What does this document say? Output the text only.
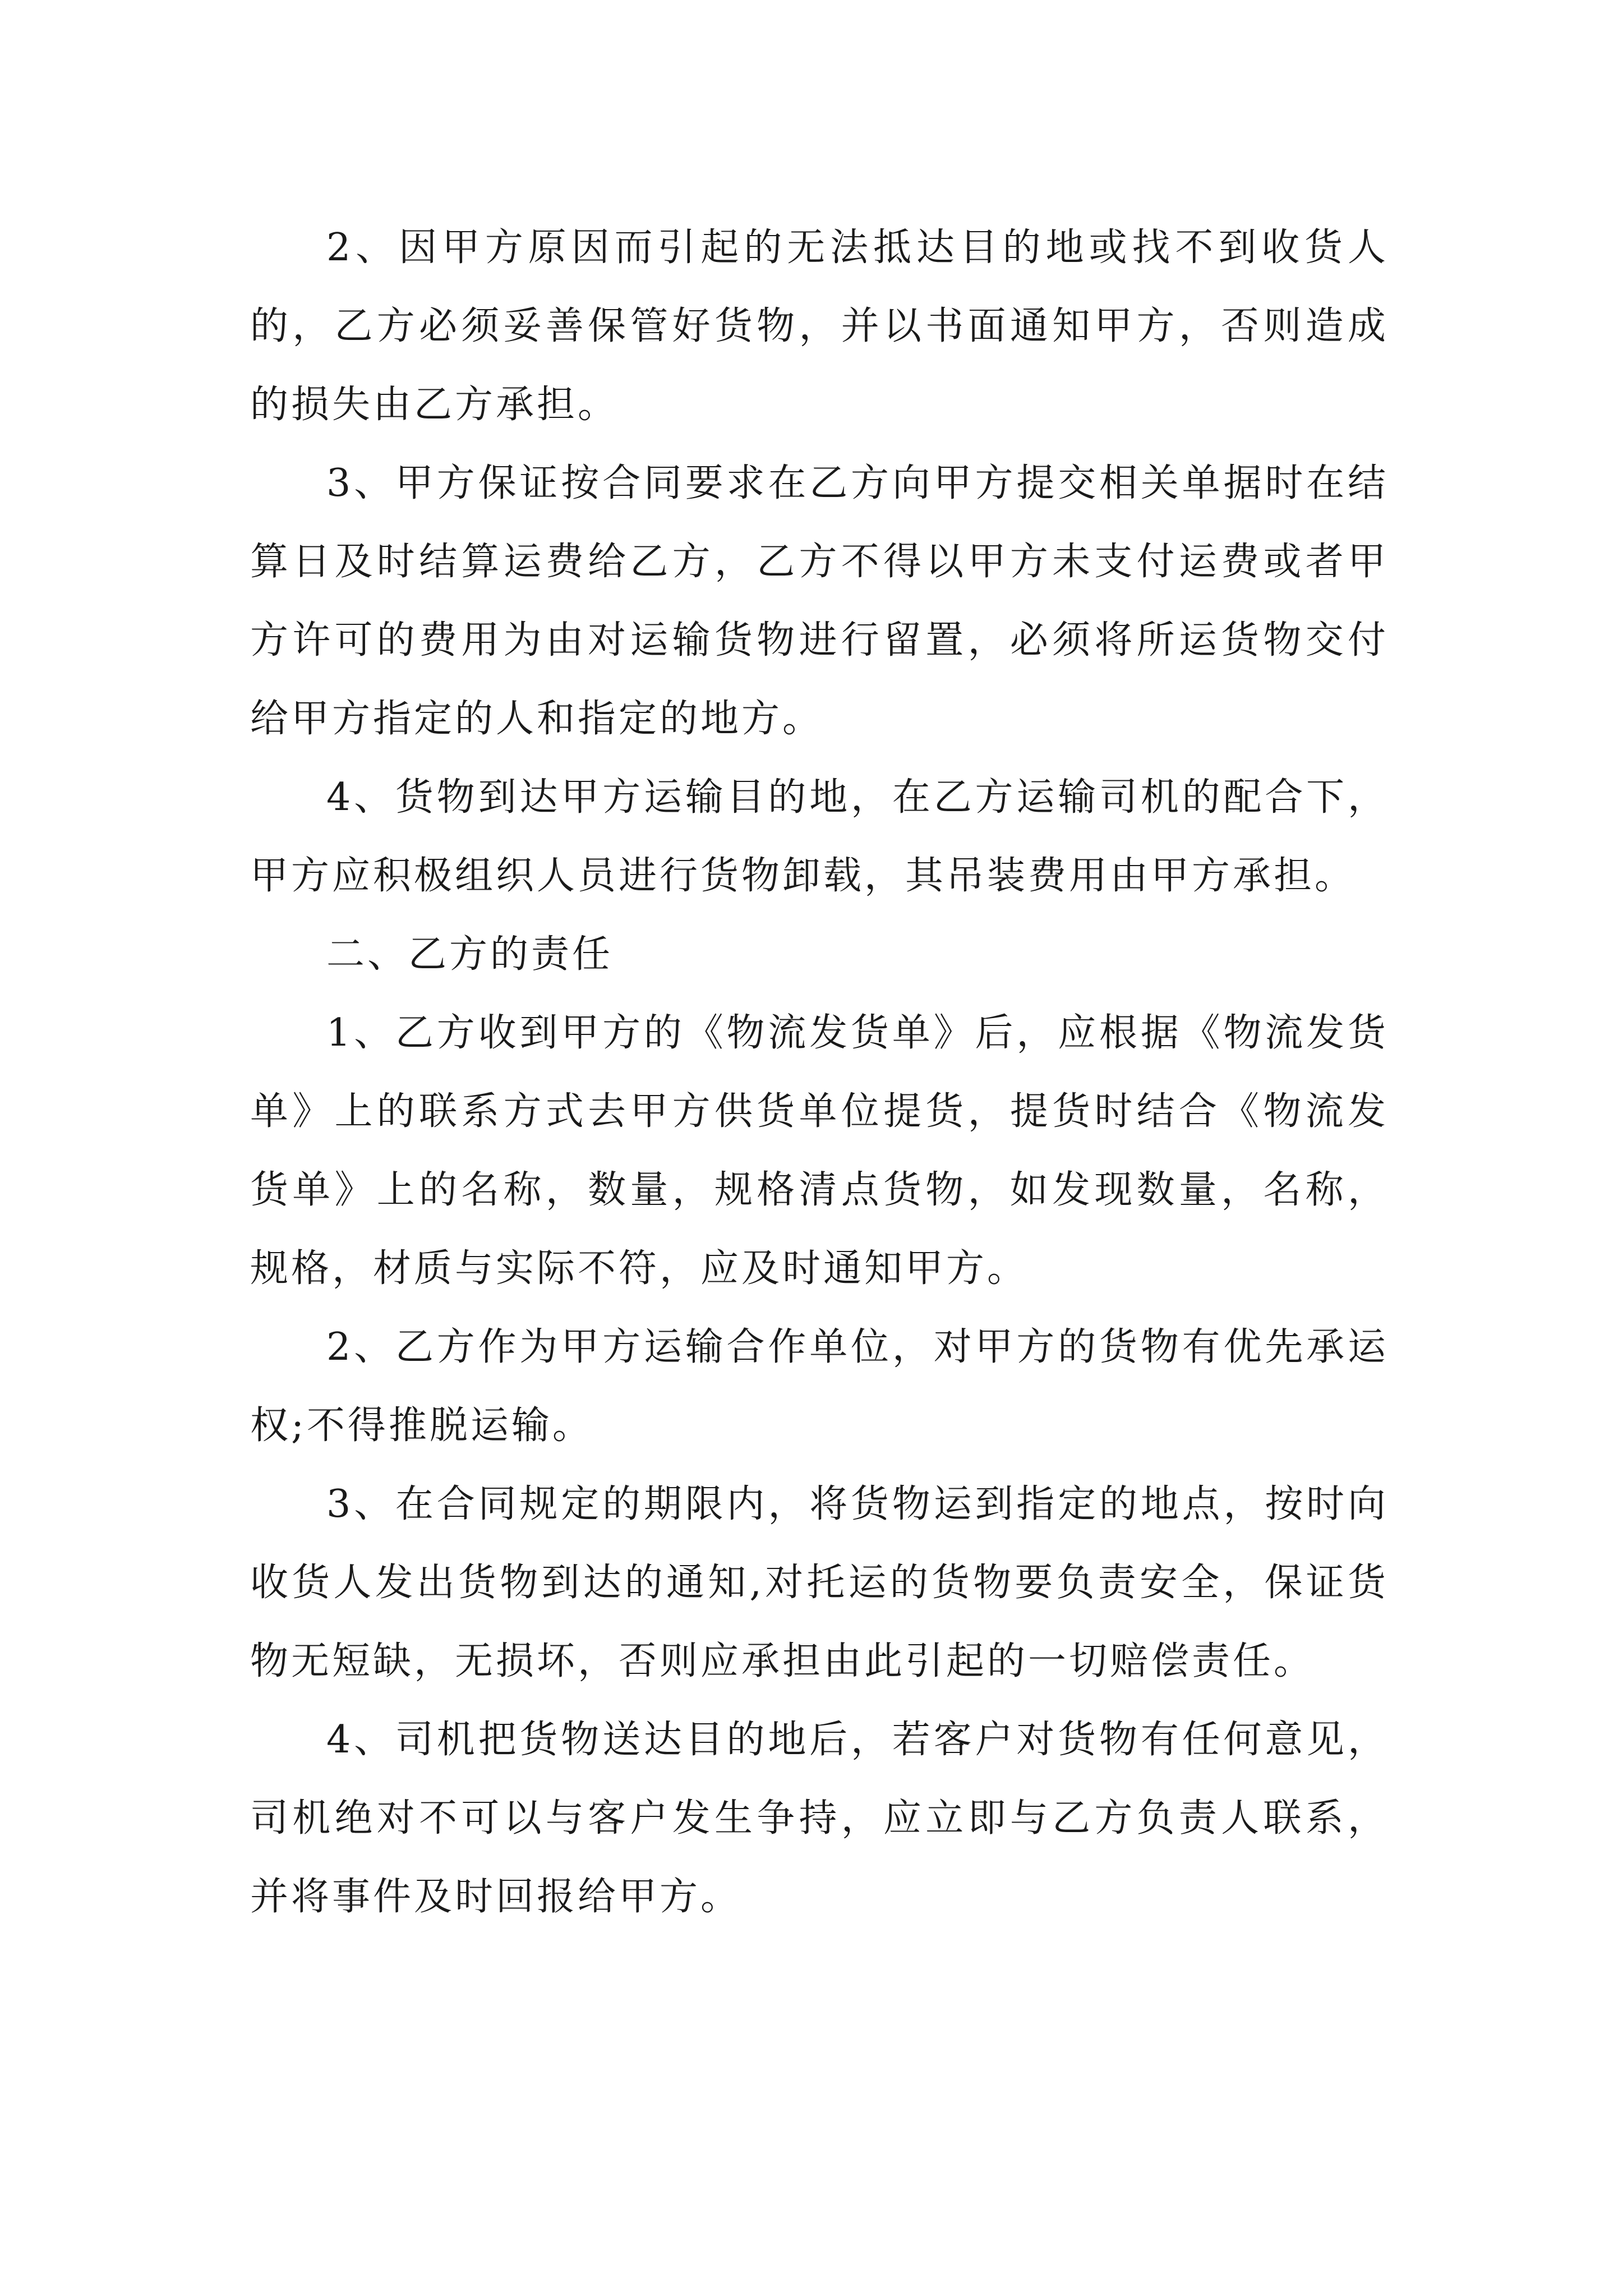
2、因甲方原因而引起的无法抵达目的地或找不到收货人的，乙方必须妥善保管好货物，并以书面通知甲方，否则造成的损失由乙方承担。

3、甲方保证按合同要求在乙方向甲方提交相关单据时在结算日及时结算运费给乙方，乙方不得以甲方未支付运费或者甲方许可的费用为由对运输货物进行留置，必须将所运货物交付给甲方指定的人和指定的地方。

4、货物到达甲方运输目的地，在乙方运输司机的配合下，甲方应积极组织人员进行货物卸载，其吊装费用由甲方承担。

二、乙方的责任

1、乙方收到甲方的《物流发货单》后，应根据《物流发货单》上的联系方式去甲方供货单位提货，提货时结合《物流发货单》上的名称，数量，规格清点货物，如发现数量，名称，规格，材质与实际不符，应及时通知甲方。

2、乙方作为甲方运输合作单位，对甲方的货物有优先承运权;不得推脱运输。

3、在合同规定的期限内，将货物运到指定的地点，按时向收货人发出货物到达的通知,对托运的货物要负责安全，保证货物无短缺，无损坏，否则应承担由此引起的一切赔偿责任。

4、司机把货物送达目的地后，若客户对货物有任何意见，司机绝对不可以与客户发生争持，应立即与乙方负责人联系，并将事件及时回报给甲方。
